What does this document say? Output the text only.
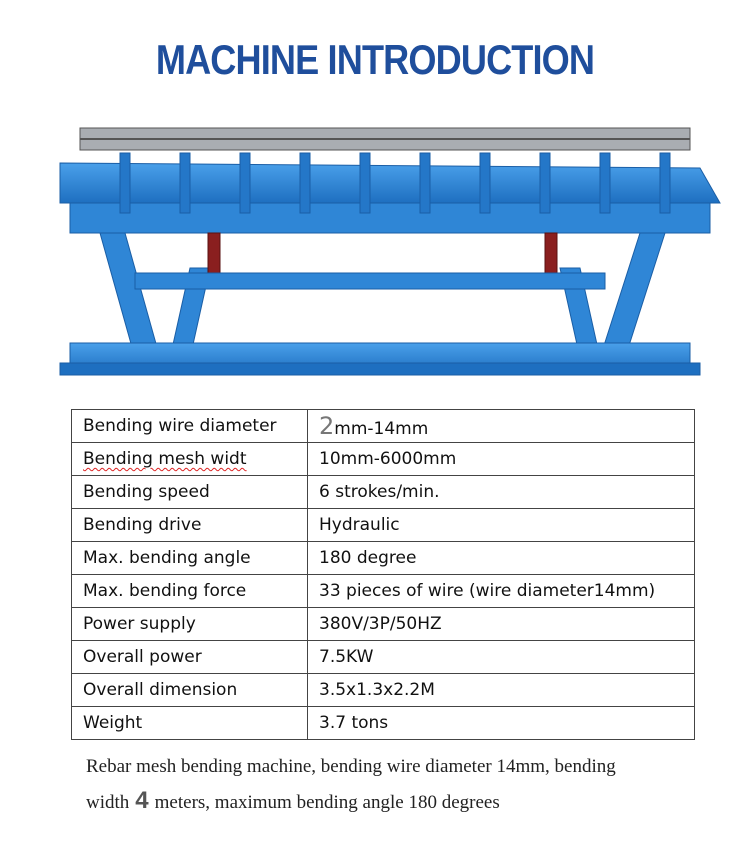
MACHINE INTRODUCTION
Bending wire diameter	2mm-14mm
Bending mesh widt	10mm-6000mm
Bending speed	6 strokes/min.
Bending drive	Hydraulic
Max. bending angle	180 degree
Max. bending force	33 pieces of wire (wire diameter14mm)
Power supply	380V/3P/50HZ
Overall power	7.5KW
Overall dimension	3.5x1.3x2.2M
Weight	3.7 tons
Rebar mesh bending machine, bending wire diameter 14mm, bending
width 4 meters, maximum bending angle 180 degrees
